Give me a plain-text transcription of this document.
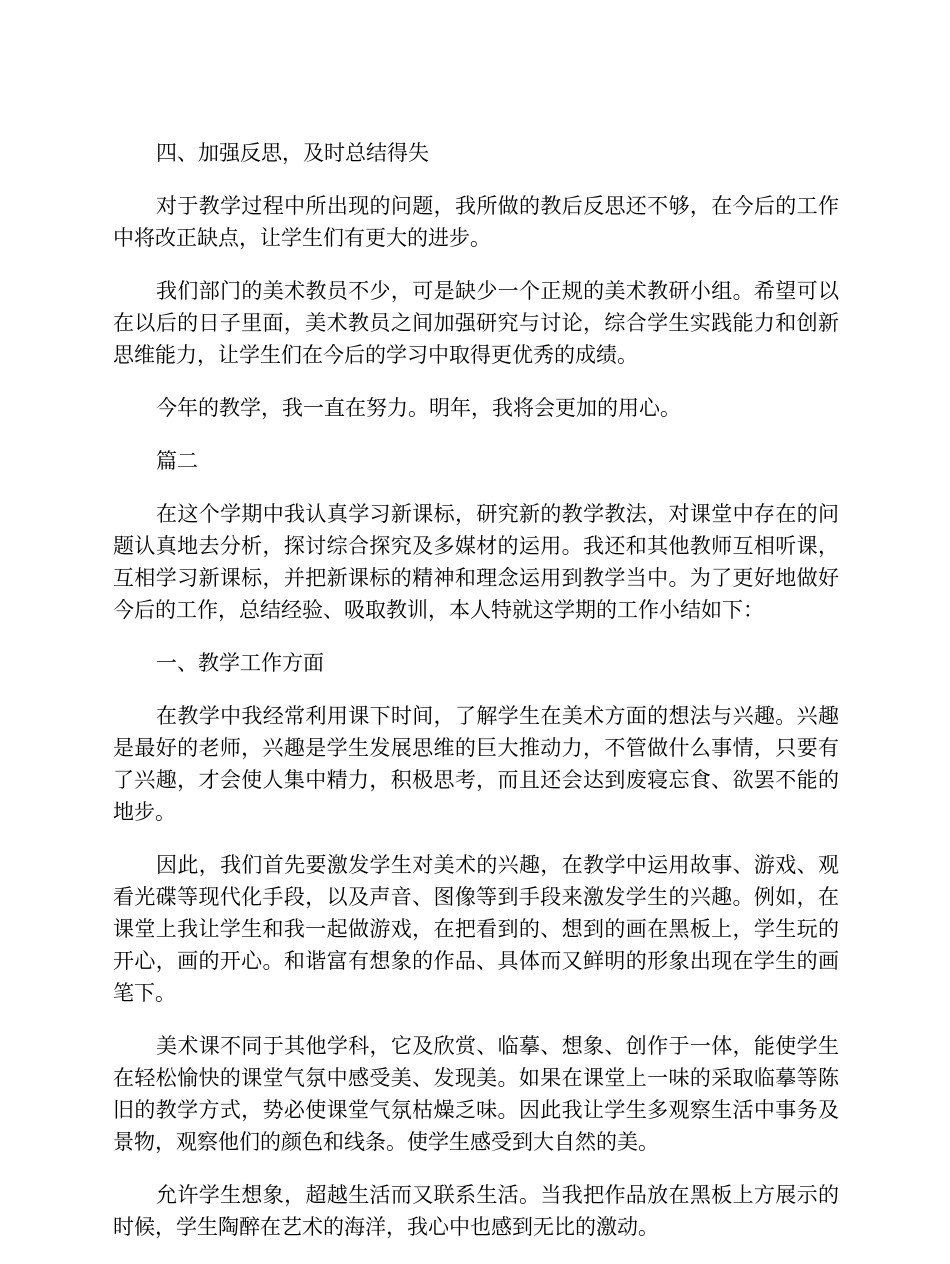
四、加强反思，及时总结得失

对于教学过程中所出现的问题，我所做的教后反思还不够，在今后的工作中将改正缺点，让学生们有更大的进步。

我们部门的美术教员不少，可是缺少一个正规的美术教研小组。希望可以在以后的日子里面，美术教员之间加强研究与讨论，综合学生实践能力和创新思维能力，让学生们在今后的学习中取得更优秀的成绩。

今年的教学，我一直在努力。明年，我将会更加的用心。

篇二

在这个学期中我认真学习新课标，研究新的教学教法，对课堂中存在的问题认真地去分析，探讨综合探究及多媒材的运用。我还和其他教师互相听课，互相学习新课标，并把新课标的精神和理念运用到教学当中。为了更好地做好今后的工作，总结经验、吸取教训，本人特就这学期的工作小结如下：

一、教学工作方面

在教学中我经常利用课下时间，了解学生在美术方面的想法与兴趣。兴趣是最好的老师，兴趣是学生发展思维的巨大推动力，不管做什么事情，只要有了兴趣，才会使人集中精力，积极思考，而且还会达到废寝忘食、欲罢不能的地步。

因此，我们首先要激发学生对美术的兴趣，在教学中运用故事、游戏、观看光碟等现代化手段，以及声音、图像等到手段来激发学生的兴趣。例如，在课堂上我让学生和我一起做游戏，在把看到的、想到的画在黑板上，学生玩的开心，画的开心。和谐富有想象的作品、具体而又鲜明的形象出现在学生的画笔下。

美术课不同于其他学科，它及欣赏、临摹、想象、创作于一体，能使学生在轻松愉快的课堂气氛中感受美、发现美。如果在课堂上一味的采取临摹等陈旧的教学方式，势必使课堂气氛枯燥乏味。因此我让学生多观察生活中事务及景物，观察他们的颜色和线条。使学生感受到大自然的美。

允许学生想象，超越生活而又联系生活。当我把作品放在黑板上方展示的时候，学生陶醉在艺术的海洋，我心中也感到无比的激动。
